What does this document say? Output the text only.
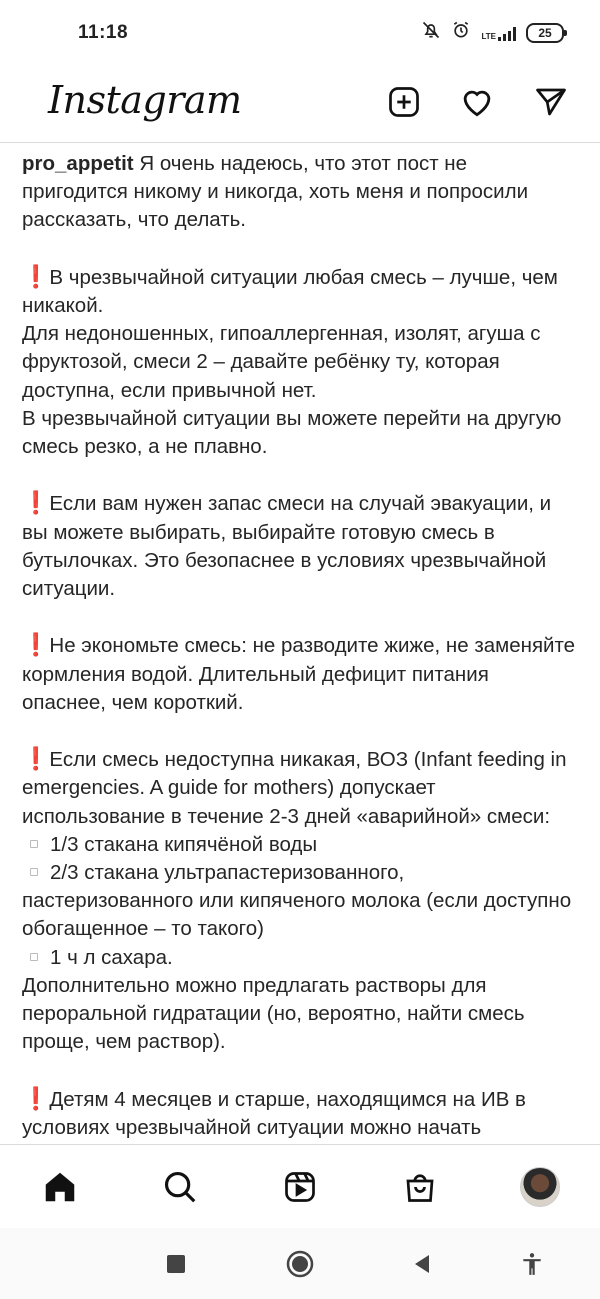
11:18	LTE	25
Instagram

pro_appetit Я очень надеюсь, что этот пост не пригодится никому и никогда, хоть меня и попросили рассказать, что делать.

❗В чрезвычайной ситуации любая смесь – лучше, чем никакой.

Для недоношенных, гипоаллергенная, изолят, агуша с фруктозой, смеси 2 – давайте ребёнку ту, которая доступна, если привычной нет.

В чрезвычайной ситуации вы можете перейти на другую смесь резко, а не плавно.

❗Если вам нужен запас смеси на случай эвакуации, и вы можете выбирать, выбирайте готовую смесь в бутылочках. Это безопаснее в условиях чрезвычайной ситуации.

❗Не экономьте смесь: не разводите жиже, не заменяйте кормления водой. Длительный дефицит питания опаснее, чем короткий.

❗Если смесь недоступна никакая, ВОЗ (Infant feeding in emergencies. A guide for mothers) допускает использование в течение 2-3 дней «аварийной» смеси:

1/3 стакана кипячёной воды

2/3 стакана ультрапастеризованного, пастеризованного или кипяченого молока (если доступно обогащенное – то такого)

1 ч л сахара.

Дополнительно можно предлагать растворы для пероральной гидратации (но, вероятно, найти смесь проще, чем раствор).

❗Детям 4 месяцев и старше, находящимся на ИВ в условиях чрезвычайной ситуации можно начать
